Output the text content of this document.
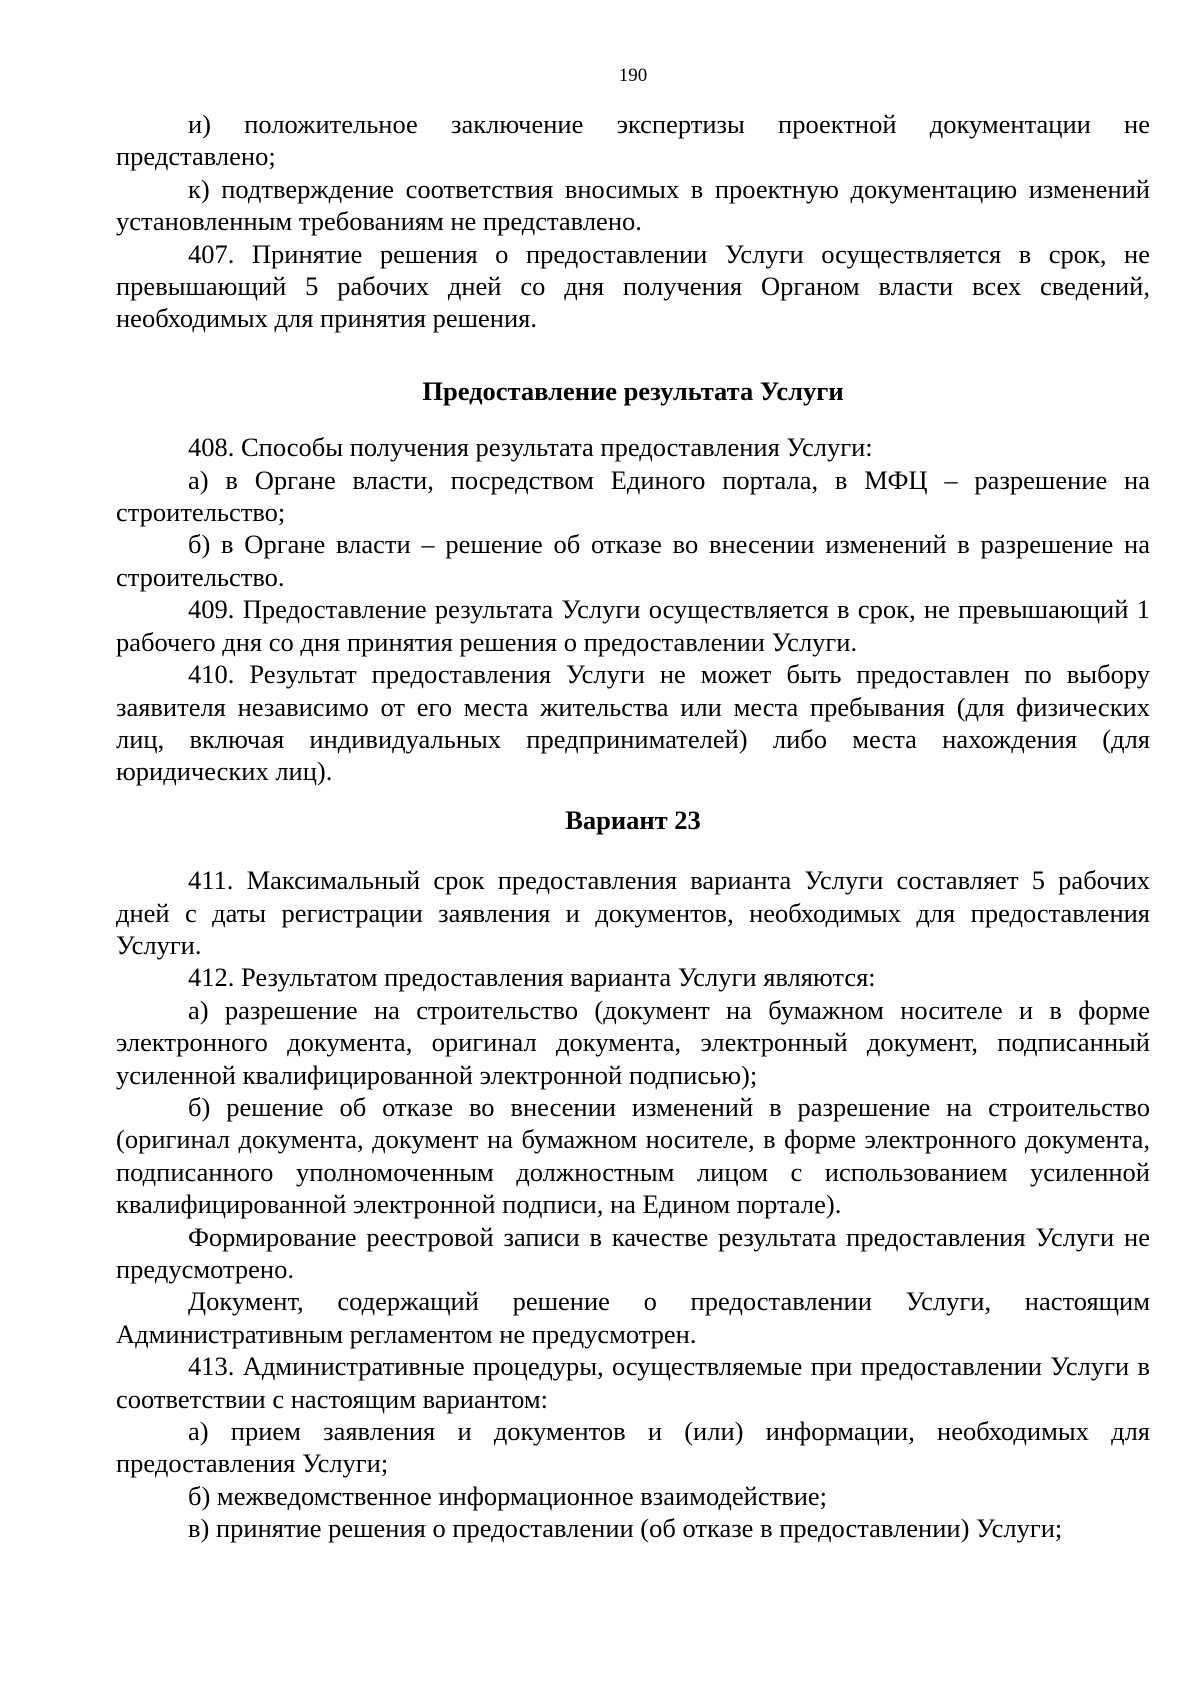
190

и) положительное заключение экспертизы проектной документации не представлено;

к) подтверждение соответствия вносимых в проектную документацию изменений установленным требованиям не представлено.

407. Принятие решения о предоставлении Услуги осуществляется в срок, не превышающий 5 рабочих дней со дня получения Органом власти всех сведений, необходимых для принятия решения.

Предоставление результата Услуги

408. Способы получения результата предоставления Услуги:

а) в Органе власти, посредством Единого портала, в МФЦ – разрешение на строительство;

б) в Органе власти – решение об отказе во внесении изменений в разрешение на строительство.

409. Предоставление результата Услуги осуществляется в срок, не превышающий 1 рабочего дня со дня принятия решения о предоставлении Услуги.

410. Результат предоставления Услуги не может быть предоставлен по выбору заявителя независимо от его места жительства или места пребывания (для физических лиц, включая индивидуальных предпринимателей) либо места нахождения (для юридических лиц).

Вариант 23

411. Максимальный срок предоставления варианта Услуги составляет 5 рабочих дней с даты регистрации заявления и документов, необходимых для предоставления Услуги.

412. Результатом предоставления варианта Услуги являются:

а) разрешение на строительство (документ на бумажном носителе и в форме электронного документа, оригинал документа, электронный документ, подписанный усиленной квалифицированной электронной подписью);

б) решение об отказе во внесении изменений в разрешение на строительство (оригинал документа, документ на бумажном носителе, в форме электронного документа, подписанного уполномоченным должностным лицом с использованием усиленной квалифицированной электронной подписи, на Едином портале).

Формирование реестровой записи в качестве результата предоставления Услуги не предусмотрено.

Документ, содержащий решение о предоставлении Услуги, настоящим Административным регламентом не предусмотрен.

413. Административные процедуры, осуществляемые при предоставлении Услуги в соответствии с настоящим вариантом:

а) прием заявления и документов и (или) информации, необходимых для предоставления Услуги;

б) межведомственное информационное взаимодействие;

в) принятие решения о предоставлении (об отказе в предоставлении) Услуги;
